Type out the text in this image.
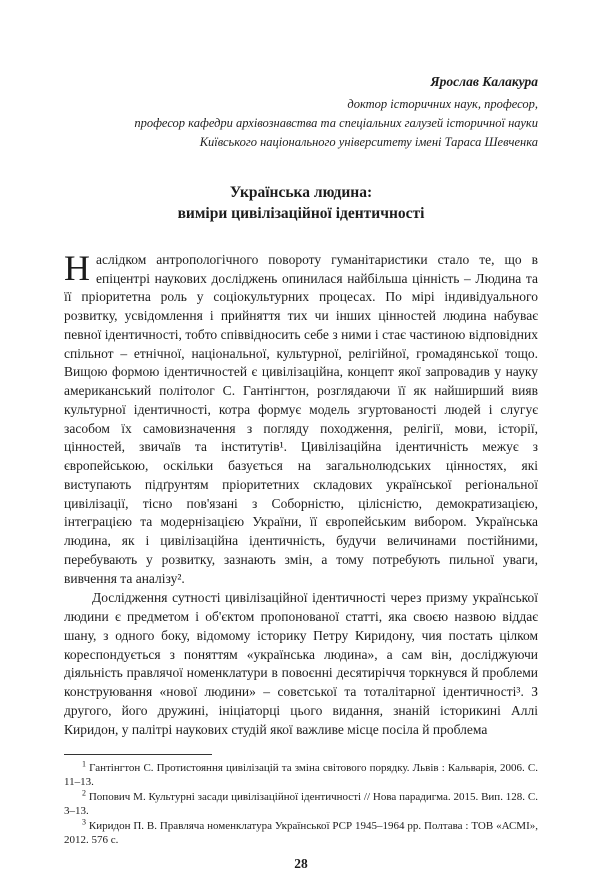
Ярослав Калакура
доктор історичних наук, професор,
професор кафедри архівознавства та спеціальних галузей історичної науки
Київського національного університету імені Тараса Шевченка
Українська людина:
виміри цивілізаційної ідентичності

Наслідком антропологічного повороту гуманітаристики стало те, що в епіцентрі наукових досліджень опинилася найбільша цінність – Людина та її пріоритетна роль у соціокультурних процесах. По мірі індивідуального розвитку, усвідомлення і прийняття тих чи інших цінностей людина набуває певної ідентичності, тобто співвідносить себе з ними і стає частиною відповідних спільнот – етнічної, національної, культурної, релігійної, громадянської тощо. Вищою формою ідентичностей є цивілізаційна, концепт якої запровадив у науку американський політолог С. Гантінгтон, розглядаючи її як найширший вияв культурної ідентичності, котра формує модель згуртованості людей і слугує засобом їх самовизначення з погляду походження, релігії, мови, історії, цінностей, звичаїв та інститутів¹. Цивілізаційна ідентичність межує з європейською, оскільки базується на загальнолюдських цінностях, які виступають підґрунтям пріоритетних складових української регіональної цивілізації, тісно пов'язані з Соборністю, цілісністю, демократизацією, інтеграцією та модернізацією України, її європейським вибором. Українська людина, як і цивілізаційна ідентичність, будучи величинами постійними, перебувають у розвитку, зазнають змін, а тому потребують пильної уваги, вивчення та аналізу².

Дослідження сутності цивілізаційної ідентичності через призму української людини є предметом і об'єктом пропонованої статті, яка своєю назвою віддає шану, з одного боку, відомому історику Петру Киридону, чия постать цілком кореспондується з поняттям «українська людина», а сам він, досліджуючи діяльність правлячої номенклатури в повоєнні десятиріччя торкнувся й проблеми конструювання «нової людини» – совєтської та тоталітарної ідентичності³. З другого, його дружині, ініціаторці цього видання, знаній історикині Аллі Киридон, у палітрі наукових студій якої важливе місце посіла й проблема

$^1$ Гантінгтон С. Протистояння цивілізацій та зміна світового порядку. Львів : Кальварія, 2006. С. 11–13.

$^2$ Попович М. Культурні засади цивілізаційної ідентичності // Нова парадигма. 2015. Вип. 128. С. 3–13.

$^3$ Киридон П. В. Правляча номенклатура Української РСР 1945–1964 рр. Полтава : ТОВ «АСМІ», 2012. 576 с.

28
